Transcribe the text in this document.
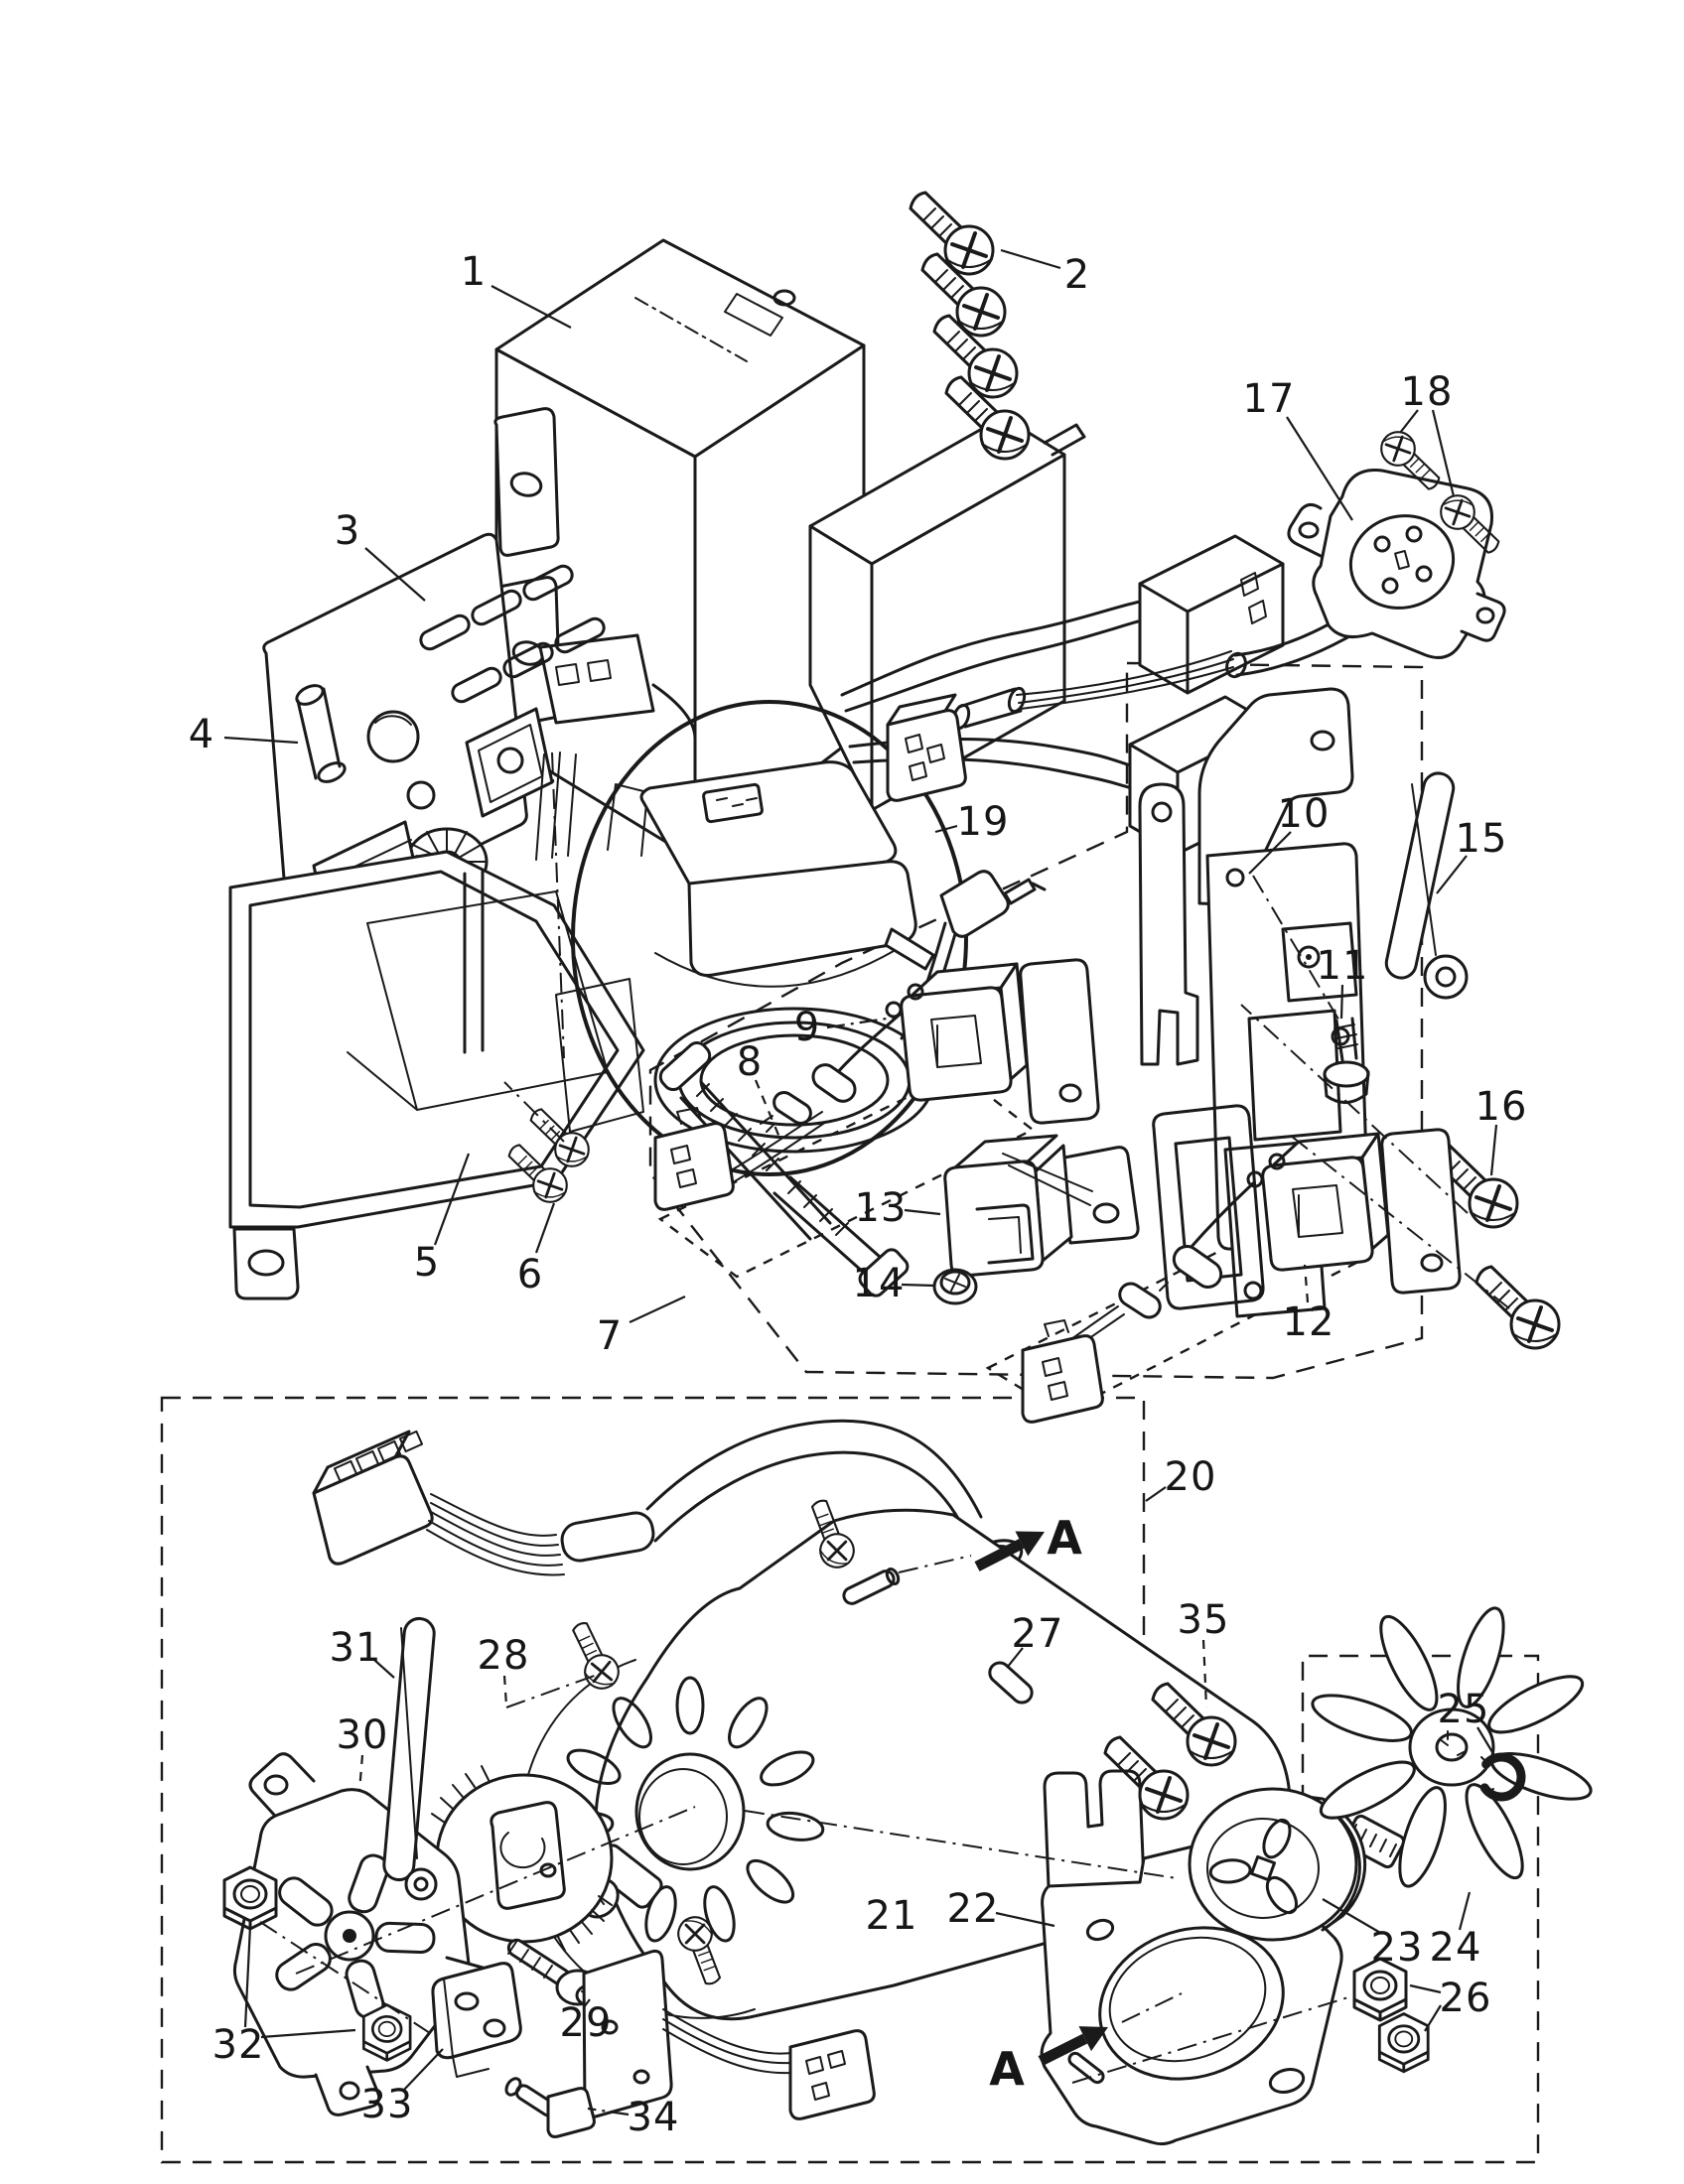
1	2
3
4
5 6
7
8
9
10
11
12
13
14
15
16
17	18
19
20
21 22
23 24
25
26
27
28
29
30
31
32
33	34
35
A
A
